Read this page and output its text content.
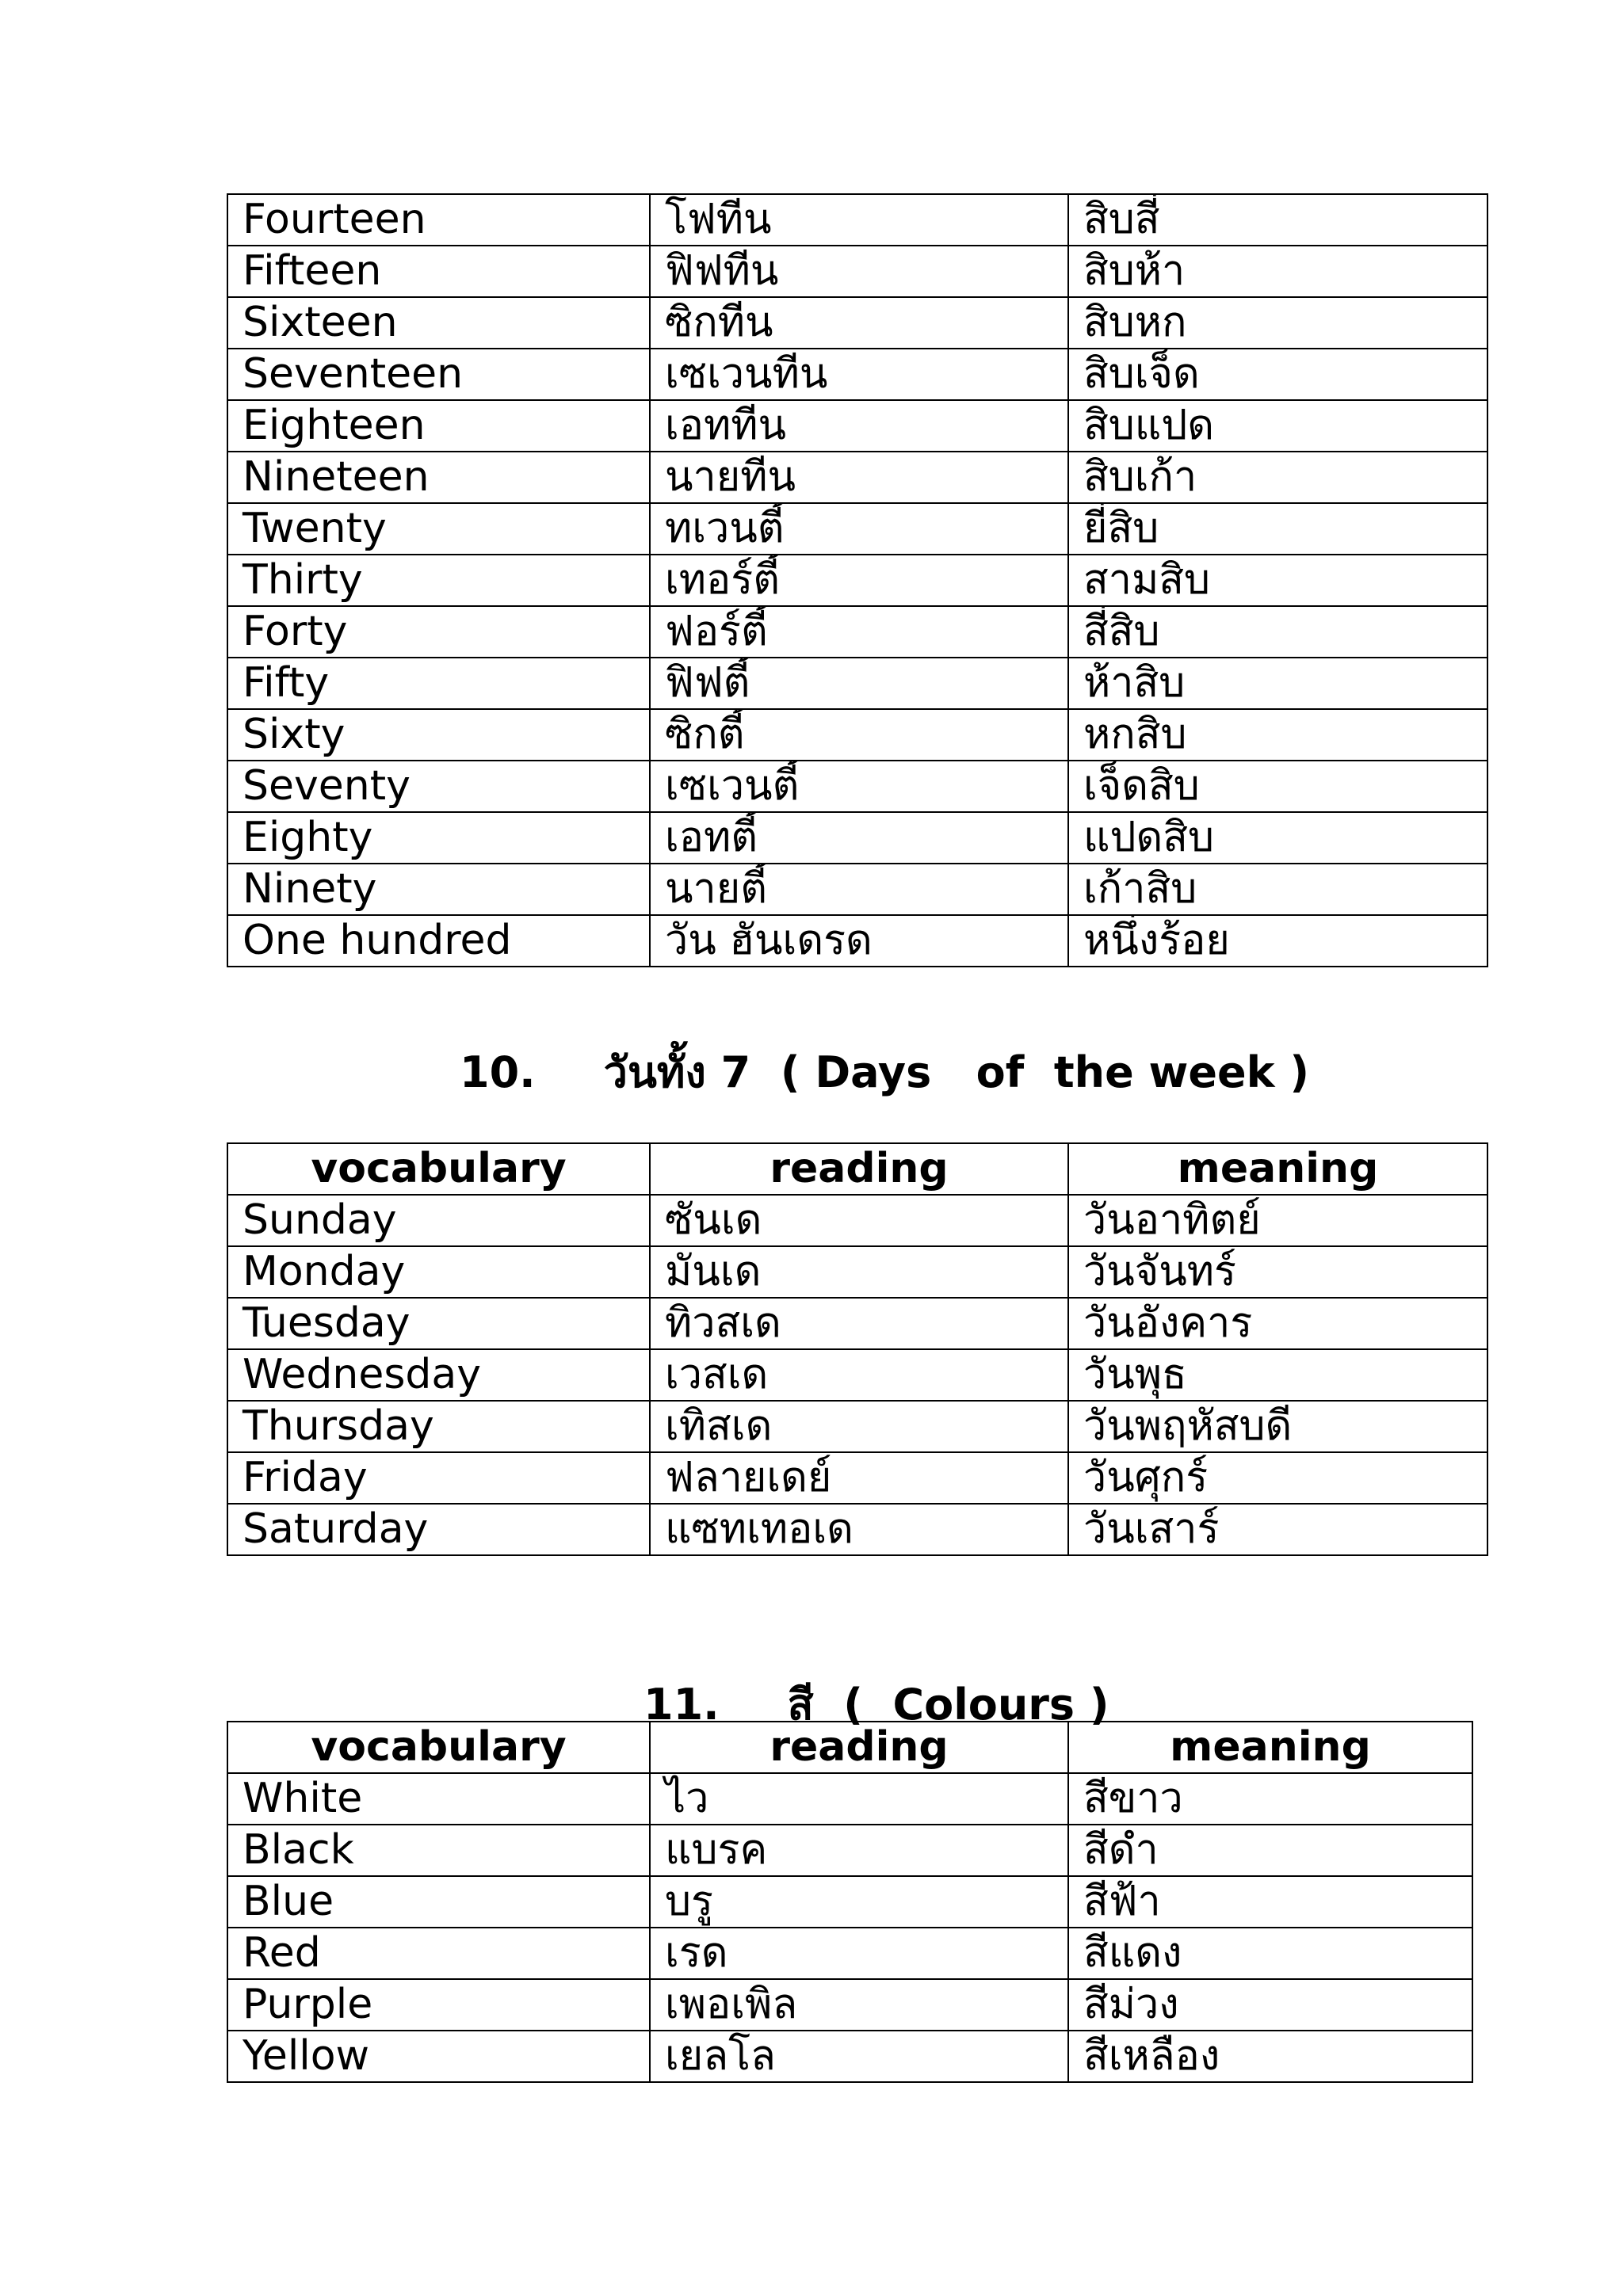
Fourteen	โฟทีน	สิบสี่
Fifteen	ฟิฟทีน	สิบห้า
Sixteen	ซิกทีน	สิบหก
Seventeen	เซเวนทีน	สิบเจ็ด
Eighteen	เอททีน	สิบแปด
Nineteen	นายทีน	สิบเก้า
Twenty	ทเวนตี้	ยี่สิบ
Thirty	เทอร์ตี้	สามสิบ
Forty	ฟอร์ตี้	สี่สิบ
Fifty	ฟิฟตี้	ห้าสิบ
Sixty	ซิกตี้	หกสิบ
Seventy	เซเวนตี้	เจ็ดสิบ
Eighty	เอทตี้	แปดสิบ
Ninety	นายตี้	เก้าสิบ
One hundred	วัน ฮันเดรด	หนึ่งร้อย
10. วันทั้ง 7  ( Days   of  the week )
vocabulary	reading	meaning
Sunday	ซันเด	วันอาทิตย์
Monday	มันเด	วันจันทร์
Tuesday	ทิวสเด	วันอังคาร
Wednesday	เวสเด	วันพุธ
Thursday	เทิสเด	วันพฤหัสบดี
Friday	ฟลายเดย์	วันศุกร์
Saturday	แซทเทอเด	วันเสาร์
11. สี  (  Colours )
vocabulary	reading	meaning
White	ไว	สีขาว
Black	แบรค	สีดำ
Blue	บรู	สีฟ้า
Red	เรด	สีแดง
Purple	เพอเพิล	สีม่วง
Yellow	เยลโล	สีเหลือง
